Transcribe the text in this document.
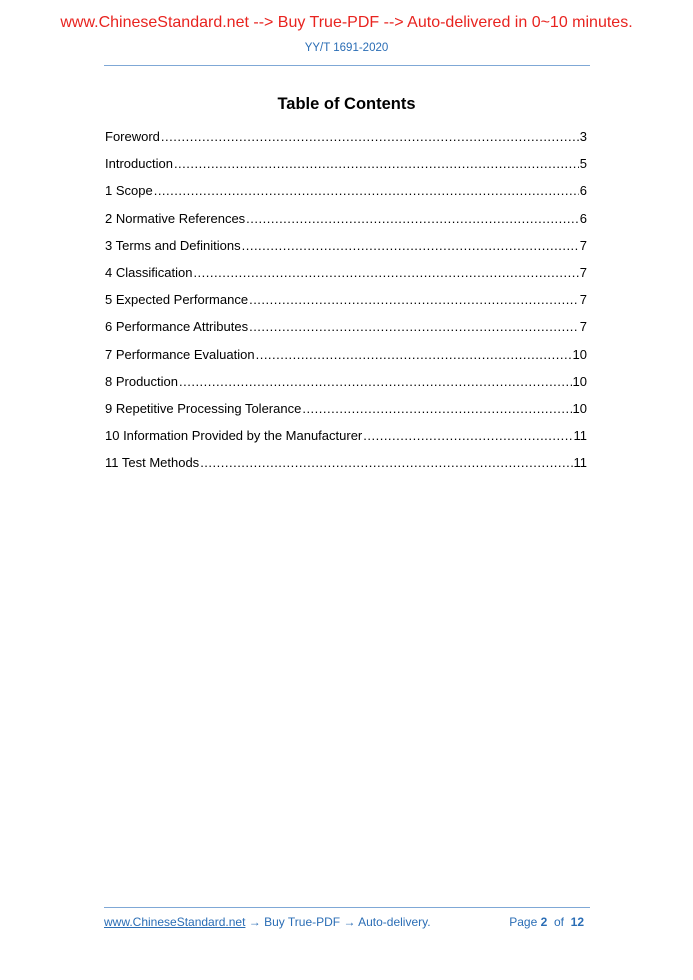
www.ChineseStandard.net --> Buy True-PDF --> Auto-delivered in 0~10 minutes.
YY/T 1691-2020
Table of Contents
Foreword .....	3
Introduction .....	5
1 Scope .....	6
2 Normative References .....	6
3 Terms and Definitions .....	7
4 Classification .....	7
5 Expected Performance .....	7
6 Performance Attributes .....	7
7 Performance Evaluation .....	10
8 Production .....	10
9 Repetitive Processing Tolerance .....	10
10 Information Provided by the Manufacturer .....	11
11 Test Methods .....	11
www.ChineseStandard.net → Buy True-PDF → Auto-delivery.	Page 2 of 12
